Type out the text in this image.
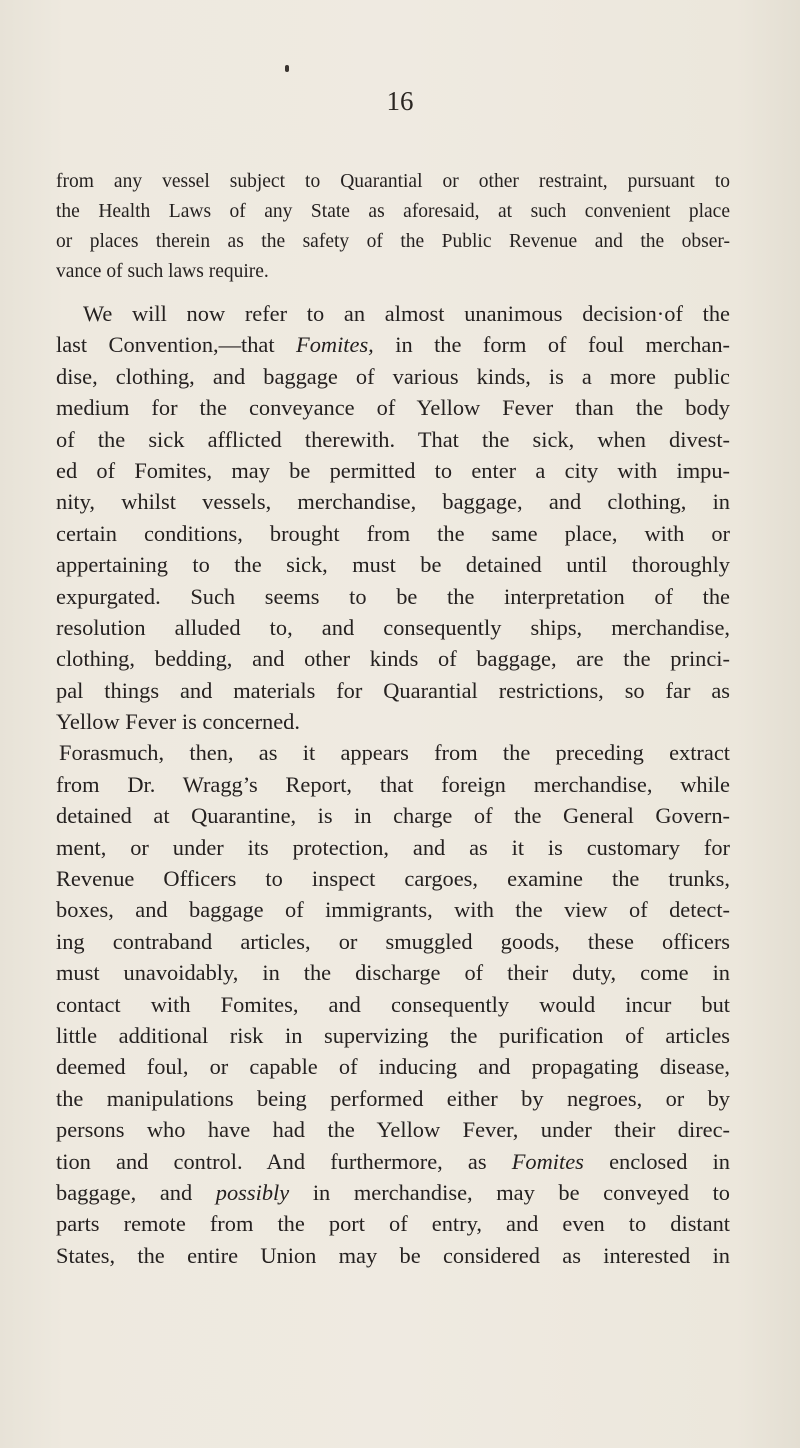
16
from any vessel subject to Quarantial or other restraint, pursuant to
the Health Laws of any State as aforesaid, at such convenient place
or places therein as the safety of the Public Revenue and the obser-
vance of such laws require.
We will now refer to an almost unanimous decision·of the
last Convention,—that Fomites, in the form of foul merchan-
dise, clothing, and baggage of various kinds, is a more public
medium for the conveyance of Yellow Fever than the body
of the sick afflicted therewith. That the sick, when divest-
ed of Fomites, may be permitted to enter a city with impu-
nity, whilst vessels, merchandise, baggage, and clothing, in
certain conditions, brought from the same place, with or
appertaining to the sick, must be detained until thoroughly
expurgated. Such seems to be the interpretation of the
resolution alluded to, and consequently ships, merchandise,
clothing, bedding, and other kinds of baggage, are the princi-
pal things and materials for Quarantial restrictions, so far as
Yellow Fever is concerned.
Forasmuch, then, as it appears from the preceding extract
from Dr. Wragg’s Report, that foreign merchandise, while
detained at Quarantine, is in charge of the General Govern-
ment, or under its protection, and as it is customary for
Revenue Officers to inspect cargoes, examine the trunks,
boxes, and baggage of immigrants, with the view of detect-
ing contraband articles, or smuggled goods, these officers
must unavoidably, in the discharge of their duty, come in
contact with Fomites, and consequently would incur but
little additional risk in supervizing the purification of articles
deemed foul, or capable of inducing and propagating disease,
the manipulations being performed either by negroes, or by
persons who have had the Yellow Fever, under their direc-
tion and control. And furthermore, as Fomites enclosed in
baggage, and possibly in merchandise, may be conveyed to
parts remote from the port of entry, and even to distant
States, the entire Union may be considered as interested in
